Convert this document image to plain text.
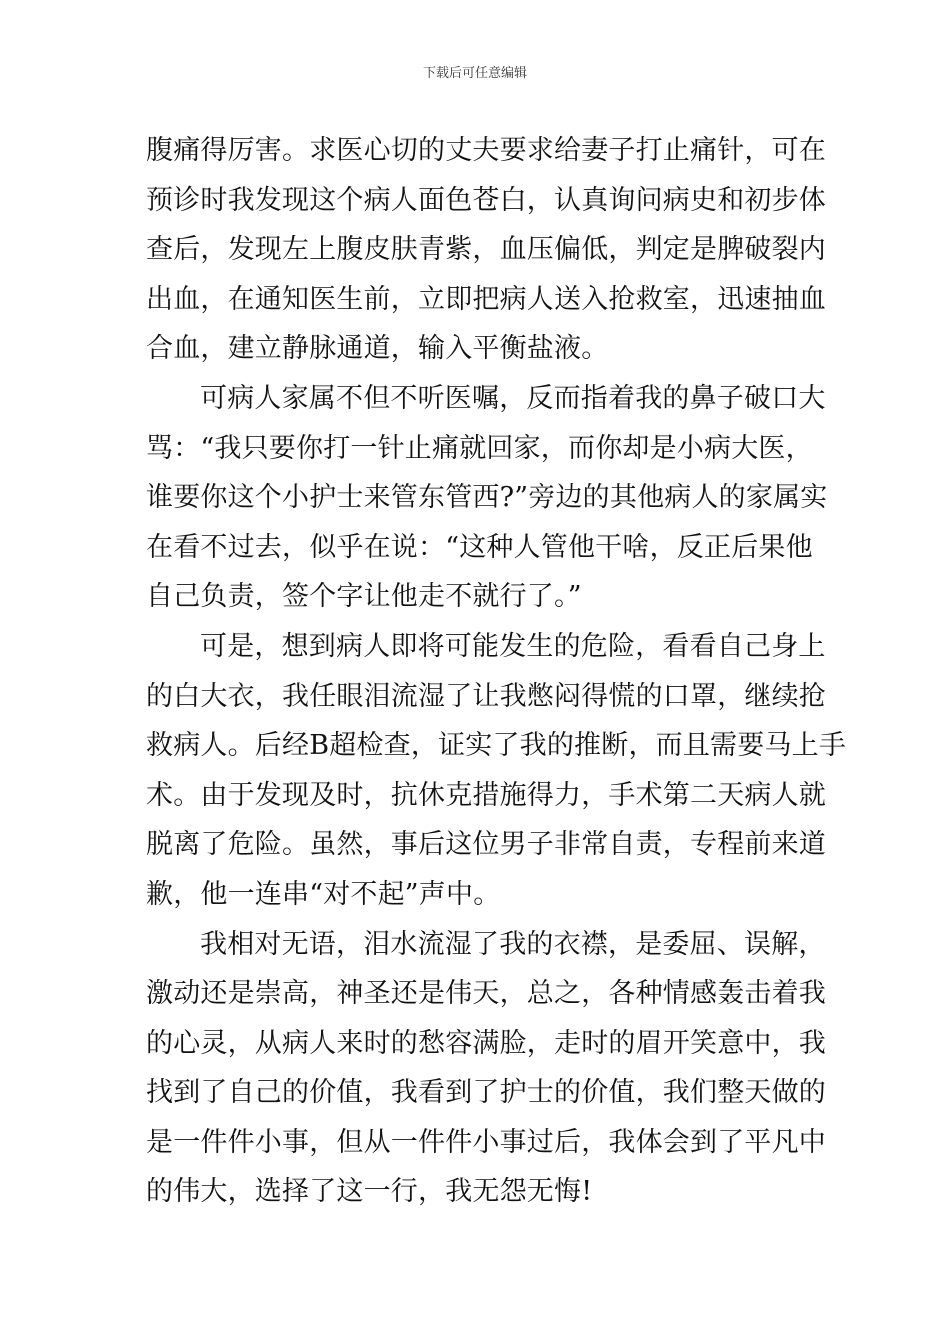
下载后可任意编辑
腹痛得厉害。求医心切的丈夫要求给妻子打止痛针，可在
预诊时我发现这个病人面色苍白，认真询问病史和初步体
查后，发现左上腹皮肤青紫，血压偏低，判定是脾破裂内
出血，在通知医生前，立即把病人送入抢救室，迅速抽血
合血，建立静脉通道，输入平衡盐液。
可病人家属不但不听医嘱，反而指着我的鼻子破口大
骂：“我只要你打一针止痛就回家，而你却是小病大医，
谁要你这个小护士来管东管西?”旁边的其他病人的家属实
在看不过去，似乎在说：“这种人管他干啥，反正后果他
自己负责，签个字让他走不就行了。”
可是，想到病人即将可能发生的危险，看看自己身上
的白大衣，我任眼泪流湿了让我憋闷得慌的口罩，继续抢
救病人。后经B超检查，证实了我的推断，而且需要马上手
术。由于发现及时，抗休克措施得力，手术第二天病人就
脱离了危险。虽然，事后这位男子非常自责，专程前来道
歉，他一连串“对不起”声中。
我相对无语，泪水流湿了我的衣襟，是委屈、误解，
激动还是崇高，神圣还是伟天，总之，各种情感轰击着我
的心灵，从病人来时的愁容满脸，走时的眉开笑意中，我
找到了自己的价值，我看到了护士的价值，我们整天做的
是一件件小事，但从一件件小事过后，我体会到了平凡中
的伟大，选择了这一行，我无怨无悔!
